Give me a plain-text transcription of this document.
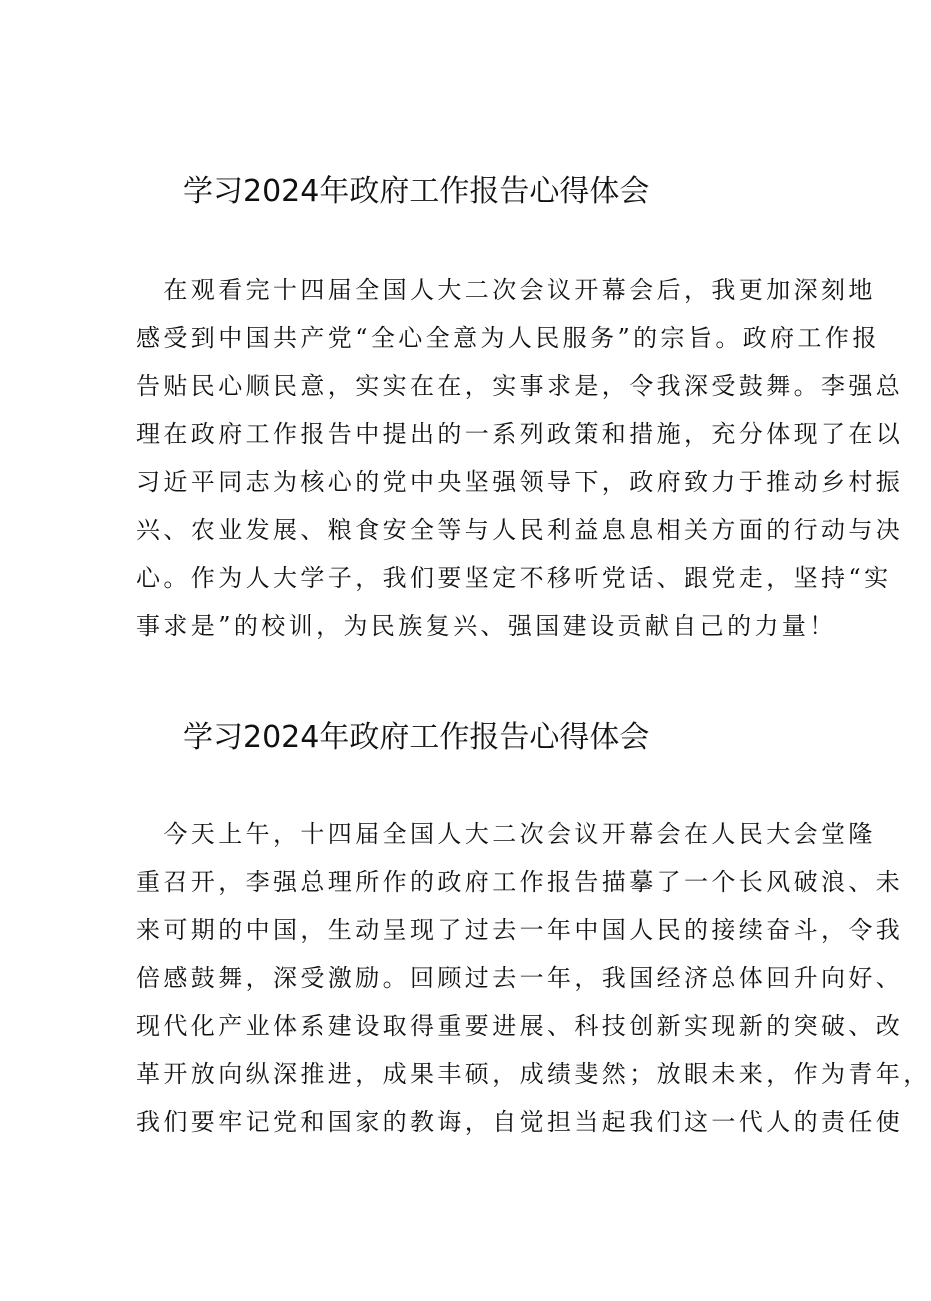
学习2024年政府工作报告心得体会
　在观看完十四届全国人大二次会议开幕会后，我更加深刻地
感受到中国共产党“全心全意为人民服务”的宗旨。政府工作报
告贴民心顺民意，实实在在，实事求是，令我深受鼓舞。李强总
理在政府工作报告中提出的一系列政策和措施，充分体现了在以
习近平同志为核心的党中央坚强领导下，政府致力于推动乡村振
兴、农业发展、粮食安全等与人民利益息息相关方面的行动与决
心。作为人大学子，我们要坚定不移听党话、跟党走，坚持“实
事求是”的校训，为民族复兴、强国建设贡献自己的力量！
学习2024年政府工作报告心得体会
　今天上午，十四届全国人大二次会议开幕会在人民大会堂隆
重召开，李强总理所作的政府工作报告描摹了一个长风破浪、未
来可期的中国，生动呈现了过去一年中国人民的接续奋斗，令我
倍感鼓舞，深受激励。回顾过去一年，我国经济总体回升向好、
现代化产业体系建设取得重要进展、科技创新实现新的突破、改
革开放向纵深推进，成果丰硕，成绩斐然；放眼未来，作为青年，
我们要牢记党和国家的教诲，自觉担当起我们这一代人的责任使
